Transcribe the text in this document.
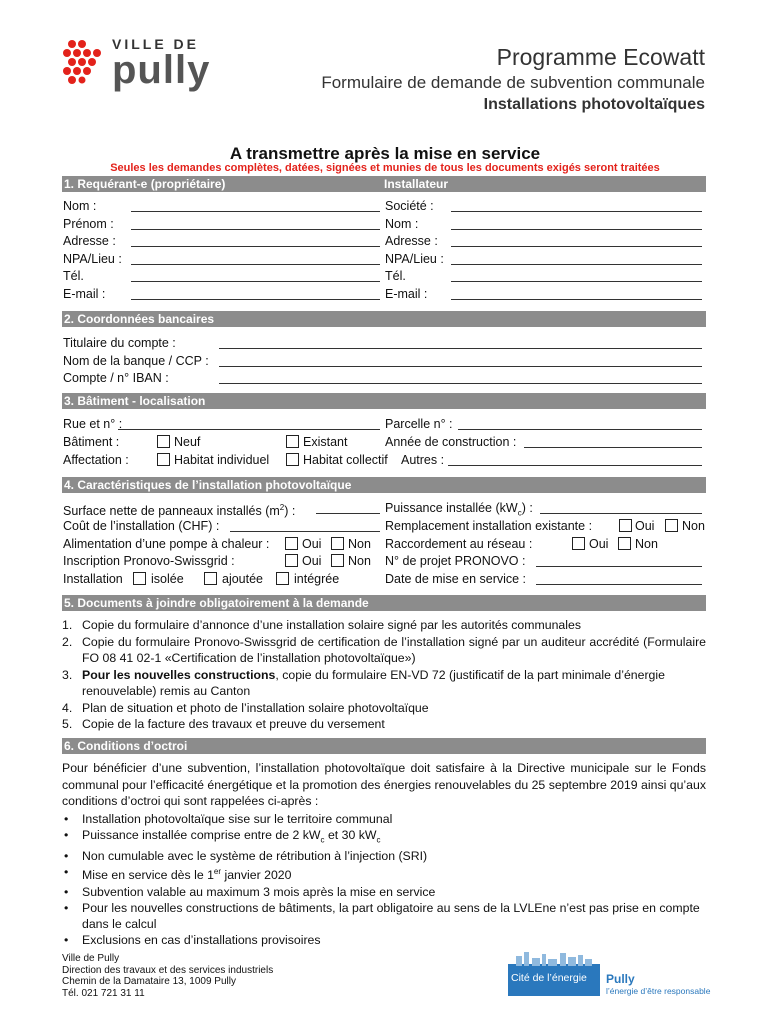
VILLE DE
pully	Programme Ecowatt
Formulaire de demande de subvention communale
Installations photovoltaïques
A transmettre après la mise en service
Seules les demandes complètes, datées, signées et munies de tous les documents exigés seront traitées
1. Requérant-e (propriétaire)	Installateur
Nom :	Société :
Prénom :	Nom :
Adresse :	Adresse :
NPA/Lieu :	NPA/Lieu :
Tél.	Tél.
E-mail :	E-mail :
2. Coordonnées bancaires
Titulaire du compte :
Nom de la banque / CCP :
Compte / n° IBAN :
3. Bâtiment - localisation
Rue et n° :	Parcelle n° :
Bâtiment :	Neuf	Existant	Année de construction :
Affectation :	Habitat individuel	Habitat collectif Autres :
4. Caractéristiques de l’installation photovoltaïque
Surface nette de panneaux installés $(m^2)$ :	Puissance installée $(kW_c)$ :
Coût de l’installation (CHF) :	Remplacement installation existante :	Oui Non
Alimentation d’une pompe à chaleur :	Oui Non Raccordement au réseau :	Oui Non
Inscription Pronovo-Swissgrid :	Oui Non N° de projet PRONOVO :
Installation isolée	ajoutée intégrée	Date de mise en service :
5. Documents à joindre obligatoirement à la demande
1. Copie du formulaire d’annonce d’une installation solaire signé par les autorités communales
2. Copie du formulaire Pronovo-Swissgrid de certification de l’installation signé par un auditeur accrédité (Formulaire FO 08 41 02-1 «Certification de l’installation photovoltaïque»)
3. Pour les nouvelles constructions, copie du formulaire EN-VD 72 (justificatif de la part minimale d’énergie renouvelable) remis au Canton
4. Plan de situation et photo de l’installation solaire photovoltaïque
5. Copie de la facture des travaux et preuve du versement
6. Conditions d’octroi
Pour bénéficier d’une subvention, l’installation photovoltaïque doit satisfaire à la Directive municipale sur le Fonds communal pour l’efficacité énergétique et la promotion des énergies renouvelables du 25 septembre 2019 ainsi qu’aux conditions d’octroi qui sont rappelées ci-après :
• Installation photovoltaïque sise sur le territoire communal
• Puissance installée comprise entre de 2 $kW_c$ et 30 $kW_c$
• Non cumulable avec le système de rétribution à l’injection (SRI)
• Mise en service dès le 1er janvier 2020
• Subvention valable au maximum 3 mois après la mise en service
• Pour les nouvelles constructions de bâtiments, la part obligatoire au sens de la LVLEne n’est pas prise en compte dans le calcul
• Exclusions en cas d’installations provisoires
Ville de Pully
Direction des travaux et des services industriels
Chemin de la Damataire 13, 1009 Pully
Tél. 021 721 31 11
Cité de l’énergie	Pully
l’énergie d’être responsable
